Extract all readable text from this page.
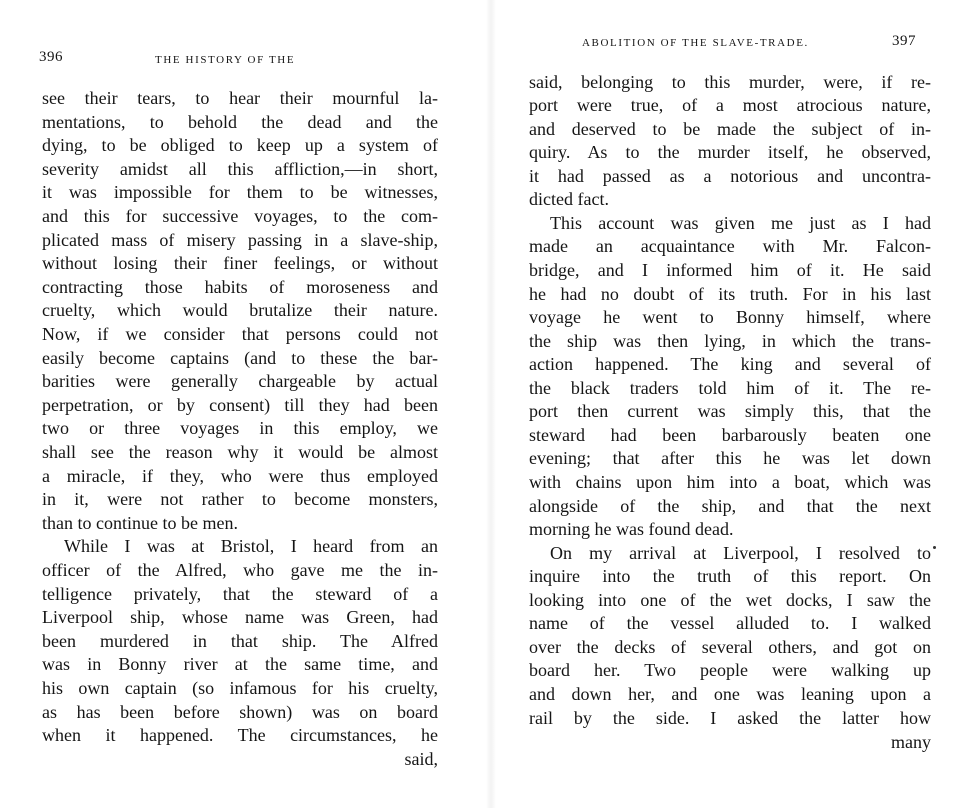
396	THE HISTORY OF THE
see their tears, to hear their mournful la-
mentations, to behold the dead and the
dying, to be obliged to keep up a system of
severity amidst all this affliction,—in short,
it was impossible for them to be witnesses,
and this for successive voyages, to the com-
plicated mass of misery passing in a slave-ship,
without losing their finer feelings, or without
contracting those habits of moroseness and
cruelty, which would brutalize their nature.
Now, if we consider that persons could not
easily become captains (and to these the bar-
barities were generally chargeable by actual
perpetration, or by consent) till they had been
two or three voyages in this employ, we
shall see the reason why it would be almost
a miracle, if they, who were thus employed
in it, were not rather to become monsters,
than to continue to be men.
While I was at Bristol, I heard from an
officer of the Alfred, who gave me the in-
telligence privately, that the steward of a
Liverpool ship, whose name was Green, had
been murdered in that ship. The Alfred
was in Bonny river at the same time, and
his own captain (so infamous for his cruelty,
as has been before shown) was on board
when it happened. The circumstances, he
said,
ABOLITION OF THE SLAVE-TRADE.	397
said, belonging to this murder, were, if re-
port were true, of a most atrocious nature,
and deserved to be made the subject of in-
quiry. As to the murder itself, he observed,
it had passed as a notorious and uncontra-
dicted fact.
This account was given me just as I had
made an acquaintance with Mr. Falcon-
bridge, and I informed him of it. He said
he had no doubt of its truth. For in his last
voyage he went to Bonny himself, where
the ship was then lying, in which the trans-
action happened. The king and several of
the black traders told him of it. The re-
port then current was simply this, that the
steward had been barbarously beaten one
evening; that after this he was let down
with chains upon him into a boat, which was
alongside of the ship, and that the next
morning he was found dead.
On my arrival at Liverpool, I resolved to
inquire into the truth of this report. On
looking into one of the wet docks, I saw the
name of the vessel alluded to. I walked
over the decks of several others, and got on
board her. Two people were walking up
and down her, and one was leaning upon a
rail by the side. I asked the latter how
many
